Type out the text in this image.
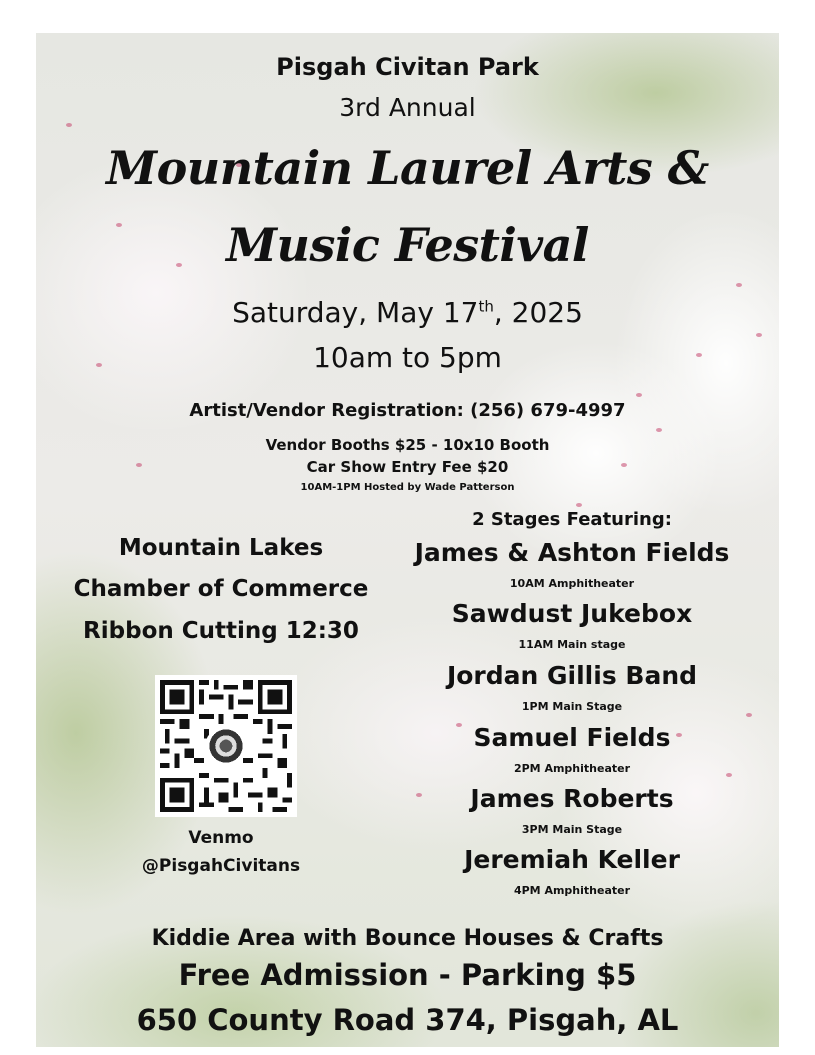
Pisgah Civitan Park
3rd Annual
Mountain Laurel Arts &
Music Festival
Saturday, May 17th, 2025
10am to 5pm
Artist/Vendor Registration: (256) 679-4997
Vendor Booths $25 - 10x10 Booth
Car Show Entry Fee $20
10AM-1PM Hosted by Wade Patterson
Mountain Lakes
Chamber of Commerce
Ribbon Cutting 12:30
Venmo
@PisgahCivitans
2 Stages Featuring:
James & Ashton Fields
10AM Amphitheater
Sawdust Jukebox
11AM Main stage
Jordan Gillis Band
1PM Main Stage
Samuel Fields
2PM Amphitheater
James Roberts
3PM Main Stage
Jeremiah Keller
4PM Amphitheater
Kiddie Area with Bounce Houses & Crafts
Free Admission - Parking $5
650 County Road 374, Pisgah, AL
